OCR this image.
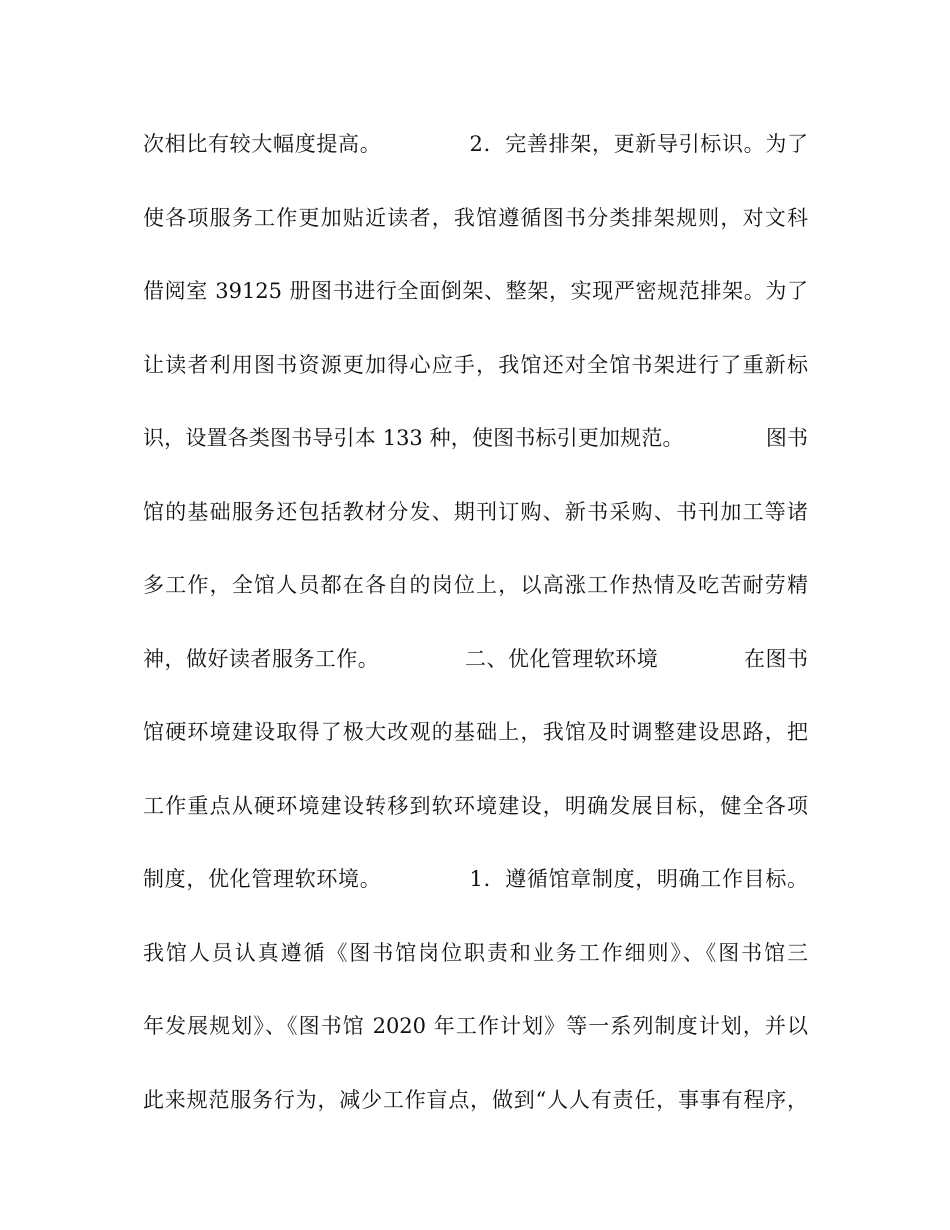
次相比有较大幅度提高。            2．完善排架，更新导引标识。为了
使各项服务工作更加贴近读者，我馆遵循图书分类排架规则，对文科
借阅室 39125 册图书进行全面倒架、整架，实现严密规范排架。为了
让读者利用图书资源更加得心应手，我馆还对全馆书架进行了重新标
识，设置各类图书导引本 133 种，使图书标引更加规范。            图书
馆的基础服务还包括教材分发、期刊订购、新书采购、书刊加工等诸
多工作，全馆人员都在各自的岗位上，以高涨工作热情及吃苦耐劳精
神，做好读者服务工作。            二、优化管理软环境            在图书
馆硬环境建设取得了极大改观的基础上，我馆及时调整建设思路，把
工作重点从硬环境建设转移到软环境建设，明确发展目标，健全各项
制度，优化管理软环境。            1．遵循馆章制度，明确工作目标。
我馆人员认真遵循《图书馆岗位职责和业务工作细则》、《图书馆三
年发展规划》、《图书馆 2020 年工作计划》等一系列制度计划，并以
此来规范服务行为，减少工作盲点，做到“人人有责任，事事有程序，
